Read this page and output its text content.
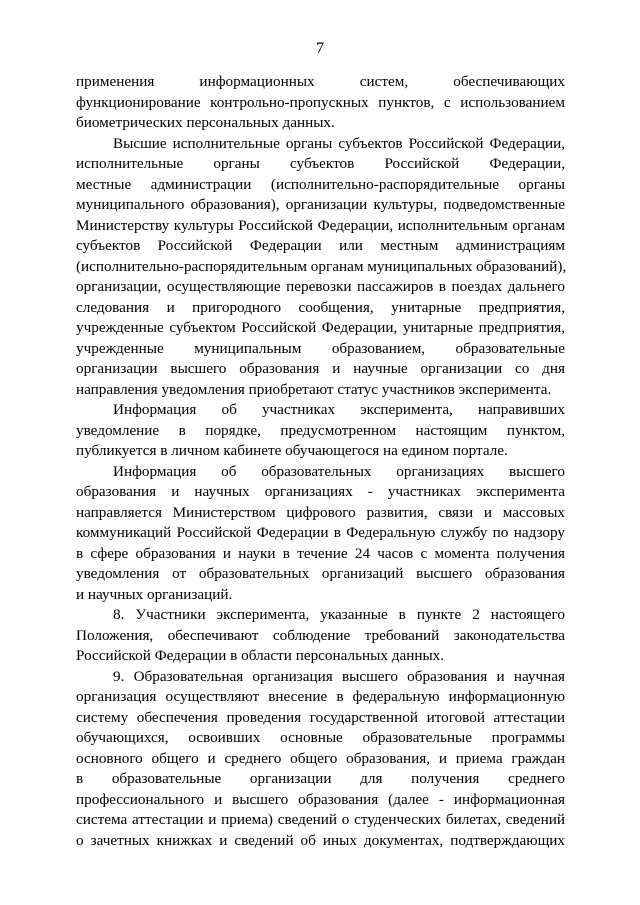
7
применения информационных систем, обеспечивающих
функционирование контрольно-пропускных пунктов, с использованием
биометрических персональных данных.
Высшие исполнительные органы субъектов Российской Федерации,
исполнительные органы субъектов Российской Федерации,
местные администрации (исполнительно-распорядительные органы
муниципального образования), организации культуры, подведомственные
Министерству культуры Российской Федерации, исполнительным органам
субъектов Российской Федерации или местным администрациям
(исполнительно-распорядительным органам муниципальных образований),
организации, осуществляющие перевозки пассажиров в поездах дальнего
следования и пригородного сообщения, унитарные предприятия,
учрежденные субъектом Российской Федерации, унитарные предприятия,
учрежденные муниципальным образованием, образовательные
организации высшего образования и научные организации со дня
направления уведомления приобретают статус участников эксперимента.
Информация об участниках эксперимента, направивших
уведомление в порядке, предусмотренном настоящим пунктом,
публикуется в личном кабинете обучающегося на едином портале.
Информация об образовательных организациях высшего
образования и научных организациях - участниках эксперимента
направляется Министерством цифрового развития, связи и массовых
коммуникаций Российской Федерации в Федеральную службу по надзору
в сфере образования и науки в течение 24 часов с момента получения
уведомления от образовательных организаций высшего образования
и научных организаций.
8. Участники эксперимента, указанные в пункте 2 настоящего
Положения, обеспечивают соблюдение требований законодательства
Российской Федерации в области персональных данных.
9. Образовательная организация высшего образования и научная
организация осуществляют внесение в федеральную информационную
систему обеспечения проведения государственной итоговой аттестации
обучающихся, освоивших основные образовательные программы
основного общего и среднего общего образования, и приема граждан
в образовательные организации для получения среднего
профессионального и высшего образования (далее - информационная
система аттестации и приема) сведений о студенческих билетах, сведений
о зачетных книжках и сведений об иных документах, подтверждающих
